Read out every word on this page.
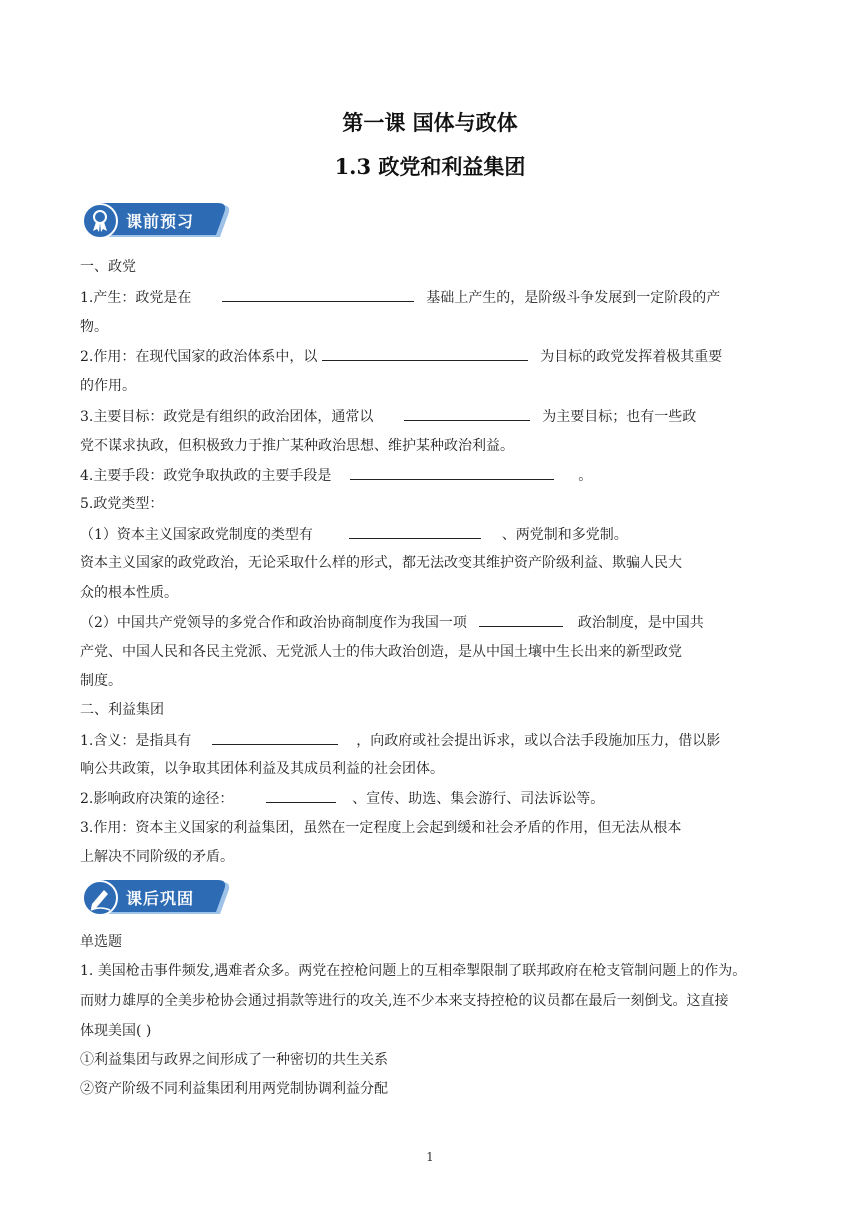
第一课 国体与政体
1.3 政党和利益集团
课前预习
一、政党
1.产生：政党是在	基础上产生的，是阶级斗争发展到一定阶段的产
物。
2.作用：在现代国家的政治体系中，以	为目标的政党发挥着极其重要
的作用。
3.主要目标：政党是有组织的政治团体，通常以	为主要目标；也有一些政
党不谋求执政，但积极致力于推广某种政治思想、维护某种政治利益。
4.主要手段：政党争取执政的主要手段是	。
5.政党类型：
（1）资本主义国家政党制度的类型有	、两党制和多党制。
资本主义国家的政党政治，无论采取什么样的形式，都无法改变其维护资产阶级利益、欺骗人民大
众的根本性质。
（2）中国共产党领导的多党合作和政治协商制度作为我国一项	政治制度，是中国共
产党、中国人民和各民主党派、无党派人士的伟大政治创造，是从中国土壤中生长出来的新型政党
制度。
二、利益集团
1.含义：是指具有	，向政府或社会提出诉求，或以合法手段施加压力，借以影
响公共政策，以争取其团体利益及其成员利益的社会团体。
2.影响政府决策的途径：	、宣传、助选、集会游行、司法诉讼等。
3.作用：资本主义国家的利益集团，虽然在一定程度上会起到缓和社会矛盾的作用，但无法从根本
上解决不同阶级的矛盾。
课后巩固
单选题
1. 美国枪击事件频发,遇难者众多。两党在控枪问题上的互相牵掣限制了联邦政府在枪支管制问题上的作为。
而财力雄厚的全美步枪协会通过捐款等进行的攻关,连不少本来支持控枪的议员都在最后一刻倒戈。这直接
体现美国( )
①利益集团与政界之间形成了一种密切的共生关系
②资产阶级不同利益集团利用两党制协调利益分配
1
